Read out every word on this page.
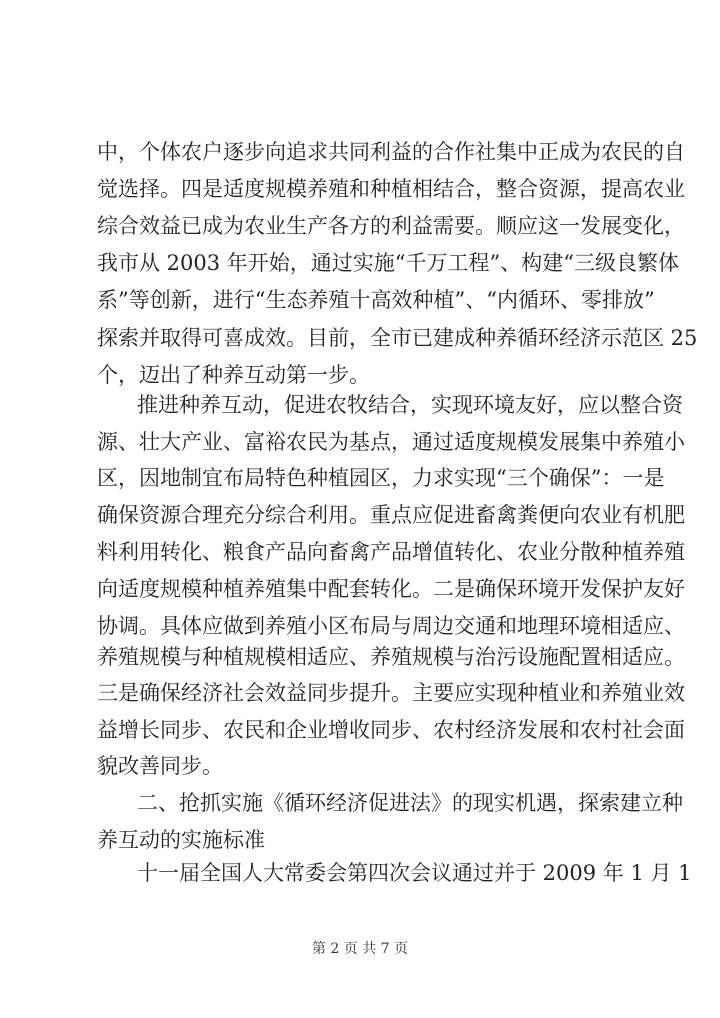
中，个体农户逐步向追求共同利益的合作社集中正成为农民的自
觉选择。四是适度规模养殖和种植相结合，整合资源，提高农业
综合效益已成为农业生产各方的利益需要。顺应这一发展变化，
我市从 2003 年开始，通过实施“千万工程”、构建“三级良繁体
系”等创新，进行“生态养殖十高效种植”、“内循环、零排放”
探索并取得可喜成效。目前，全市已建成种养循环经济示范区 25
个，迈出了种养互动第一步。
推进种养互动，促进农牧结合，实现环境友好，应以整合资
源、壮大产业、富裕农民为基点，通过适度规模发展集中养殖小
区，因地制宜布局特色种植园区，力求实现“三个确保”：一是
确保资源合理充分综合利用。重点应促进畜禽粪便向农业有机肥
料利用转化、粮食产品向畜禽产品增值转化、农业分散种植养殖
向适度规模种植养殖集中配套转化。二是确保环境开发保护友好
协调。具体应做到养殖小区布局与周边交通和地理环境相适应、
养殖规模与种植规模相适应、养殖规模与治污设施配置相适应。
三是确保经济社会效益同步提升。主要应实现种植业和养殖业效
益增长同步、农民和企业增收同步、农村经济发展和农村社会面
貌改善同步。
二、抢抓实施《循环经济促进法》的现实机遇，探索建立种
养互动的实施标准
十一届全国人大常委会第四次会议通过并于 2009 年 1 月 1
第 2 页 共 7 页
